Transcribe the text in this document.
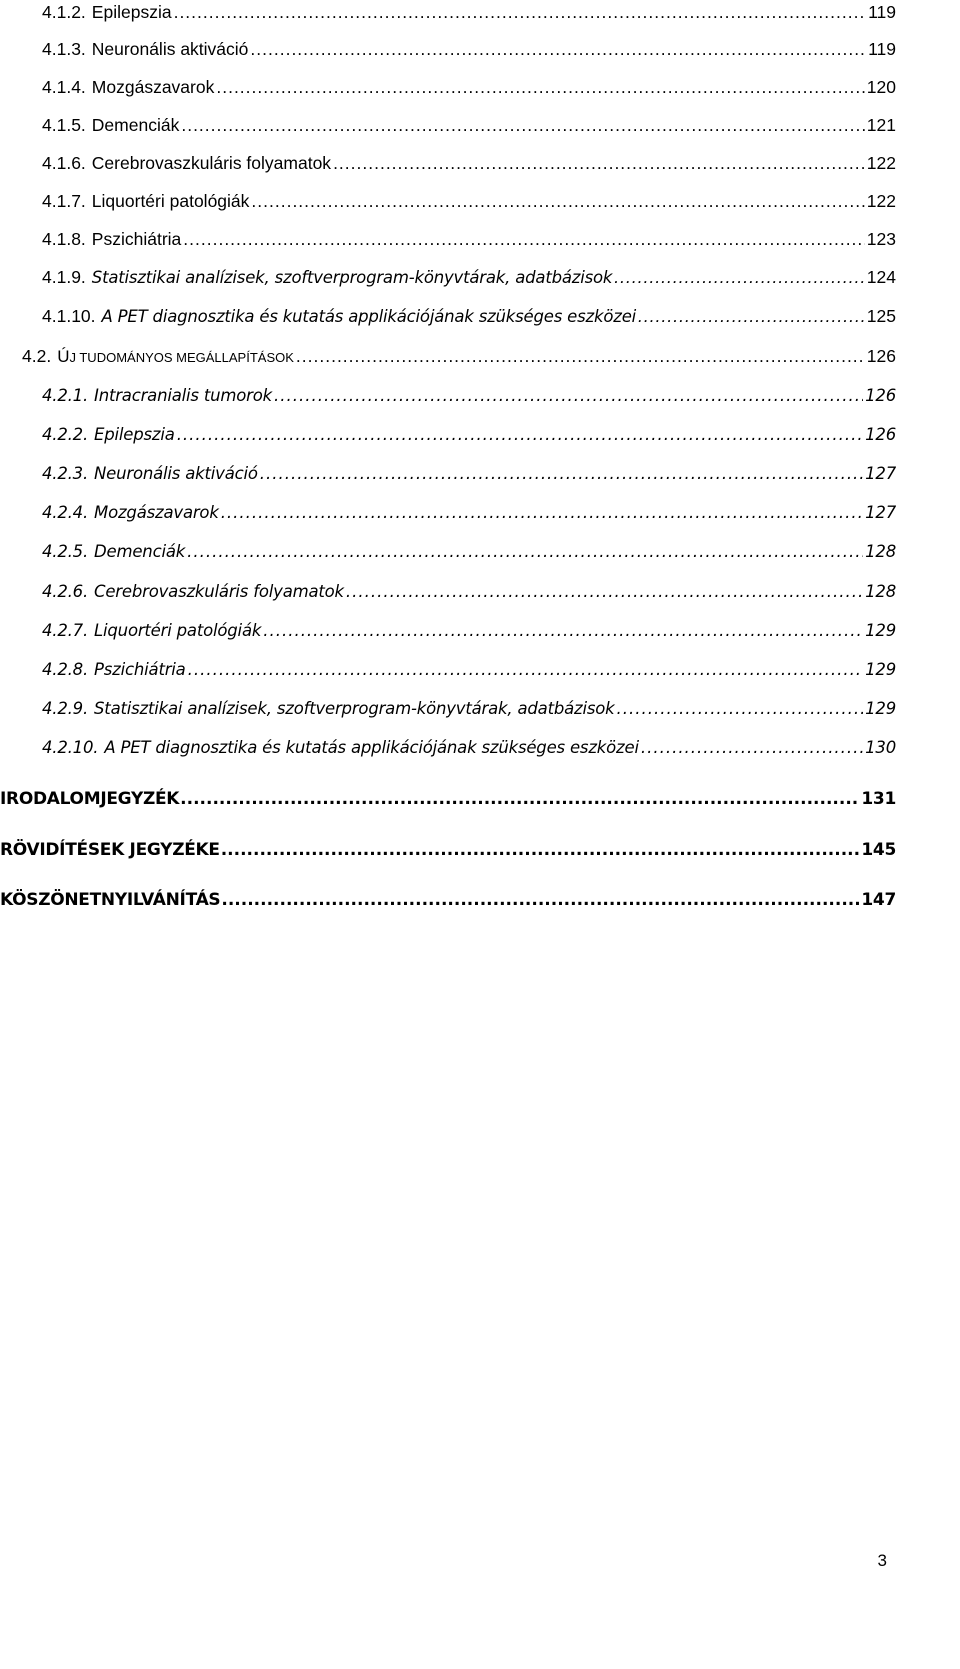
4.1.2. Epilepszia .....	119
4.1.3. Neuronális aktiváció .....	119
4.1.4. Mozgászavarok .....	120
4.1.5. Demenciák .....	121
4.1.6. Cerebrovaszkuláris folyamatok .....	122
4.1.7. Liquortéri patológiák .....	122
4.1.8. Pszichiátria .....	123
4.1.9. Statisztikai analízisek, szoftverprogram-könyvtárak, adatbázisok .....	124
4.1.10. A PET diagnosztika és kutatás applikációjának szükséges eszközei .....	125
4.2. ÚJ TUDOMÁNYOS MEGÁLLAPÍTÁSOK .....	126
4.2.1. Intracranialis tumorok .....	126
4.2.2. Epilepszia .....	126
4.2.3. Neuronális aktiváció .....	127
4.2.4. Mozgászavarok .....	127
4.2.5. Demenciák .....	128
4.2.6. Cerebrovaszkuláris folyamatok .....	128
4.2.7. Liquortéri patológiák .....	129
4.2.8. Pszichiátria .....	129
4.2.9. Statisztikai analízisek, szoftverprogram-könyvtárak, adatbázisok .....	129
4.2.10. A PET diagnosztika és kutatás applikációjának szükséges eszközei .....	130
IRODALOMJEGYZÉK .....	131
RÖVIDÍTÉSEK JEGYZÉKE .....	145
KÖSZÖNETNYILVÁNÍTÁS .....	147
3
